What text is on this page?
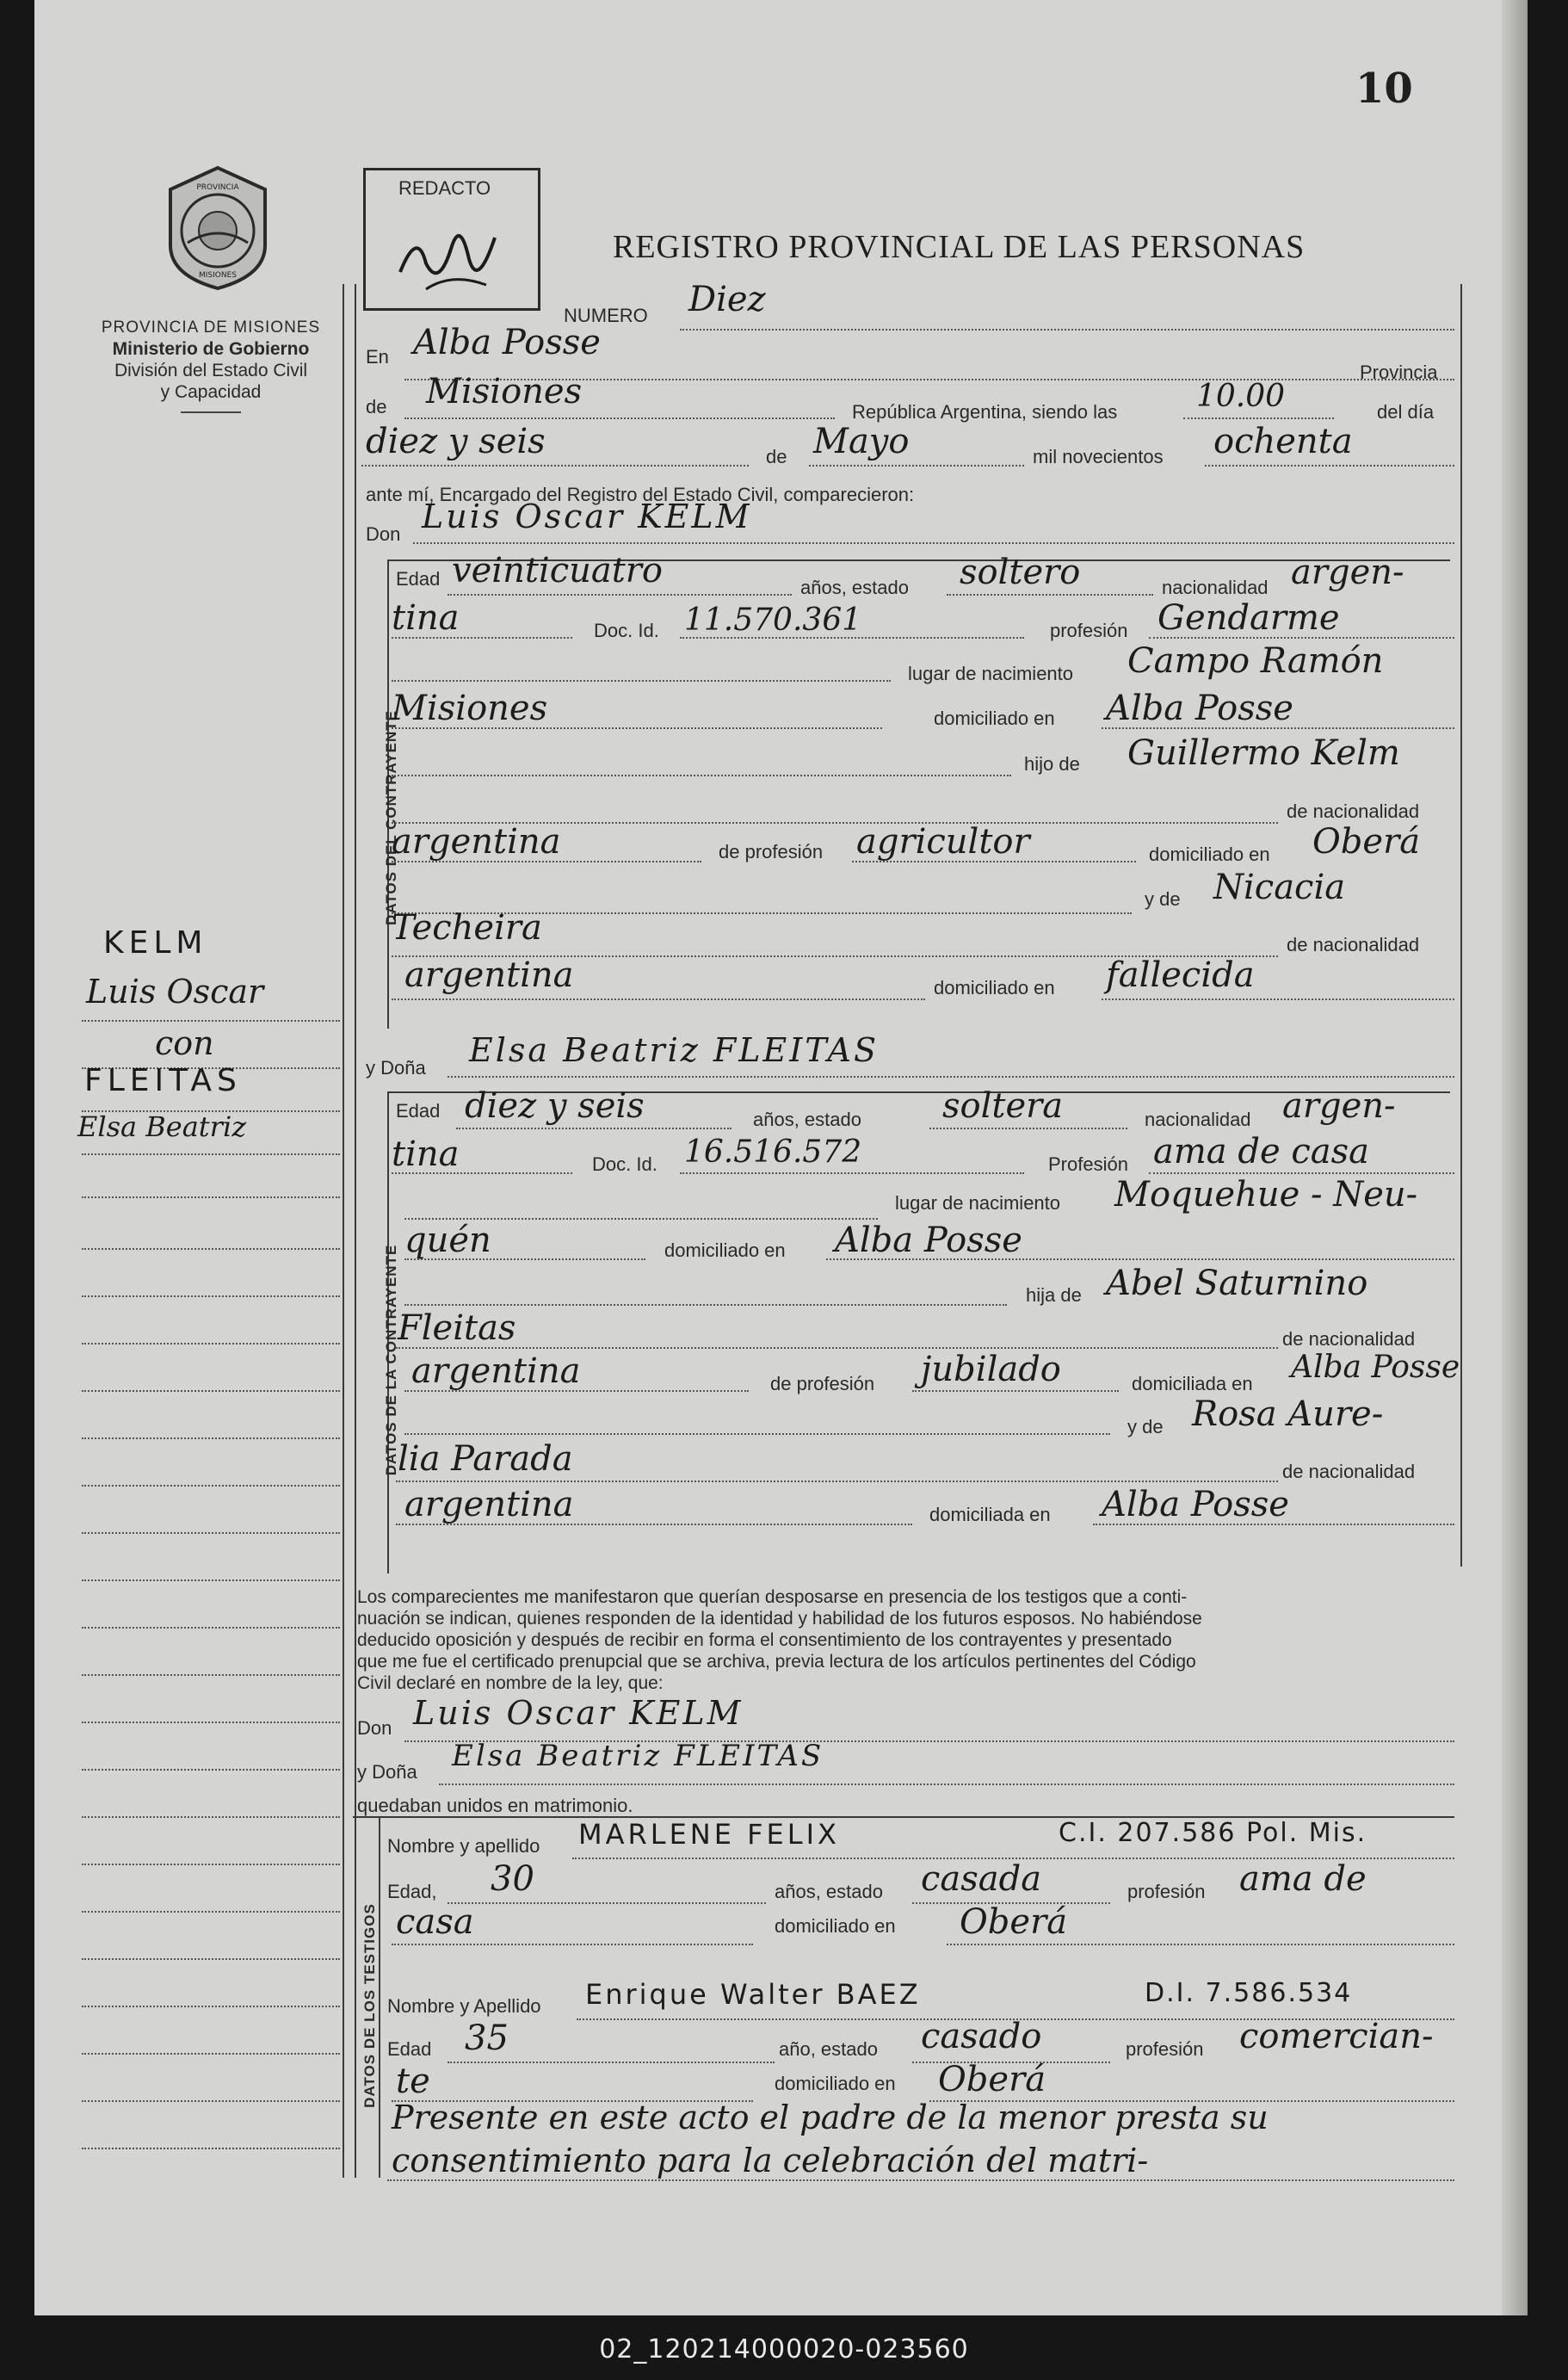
02_120214000020-023560
10
PROVINCIA
MISIONES
PROVINCIA DE MISIONES
Ministerio de Gobierno
División del Estado Civil
y Capacidad
REDACTO
REGISTRO PROVINCIAL DE LAS PERSONAS
KELM
Luis Oscar
con
FLEITAS
Elsa Beatriz
NUMERO Diez
En Alba Posse
Provincia
de Misiones
República Argentina, siendo las	10.00	del día
diez y seis	de Mayo	mil novecientos ochenta
ante mí, Encargado del Registro del Estado Civil, comparecieron:
Don Luis Oscar KELM
DATOS DEL CONTRAYENTE
Edad veinticuatro	años, estado soltero	nacionalidad argen-
tina	Doc. Id. 11.570.361	profesión Gendarme
lugar de nacimiento Campo Ramón
Misiones	domiciliado en Alba Posse
hijo de Guillermo Kelm
de nacionalidad
argentina	de profesión agricultor	domiciliado en Oberá
y de Nicacia
Techeira	de nacionalidad
argentina	domiciliado en fallecida
y Doña Elsa Beatriz FLEITAS
DATOS DE LA CONTRAYENTE
Edad diez y seis	años, estado soltera	nacionalidad argen-
tina	Doc. Id. 16.516.572	Profesión ama de casa
lugar de nacimiento Moquehue - Neu-
quén	domiciliado en Alba Posse
hija de Abel Saturnino
Fleitas	de nacionalidad
argentina	de profesión jubilado	domiciliada en Alba Posse
y de Rosa Aure-
lia Parada	de nacionalidad
argentina	domiciliada en Alba Posse
Los comparecientes me manifestaron que querían desposarse en presencia de los testigos que a conti-
nuación se indican, quienes responden de la identidad y habilidad de los futuros esposos. No habiéndose
deducido oposición y después de recibir en forma el consentimiento de los contrayentes y presentado
que me fue el certificado prenupcial que se archiva, previa lectura de los artículos pertinentes del Código
Civil declaré en nombre de la ley, que:
Don Luis Oscar KELM
y Doña Elsa Beatriz FLEITAS
quedaban unidos en matrimonio.
DATOS DE LOS TESTIGOS
Nombre y apellido MARLENE FELIX	C.I. 207.586 Pol. Mis.
Edad, 30	años, estado casada	profesión ama de
casa	domiciliado en Oberá
Nombre y Apellido Enrique Walter BAEZ	D.I. 7.586.534
Edad 35	año, estado casado	profesión comercian-
te	domiciliado en Oberá
Presente en este acto el padre de la menor presta su
consentimiento para la celebración del matri-
